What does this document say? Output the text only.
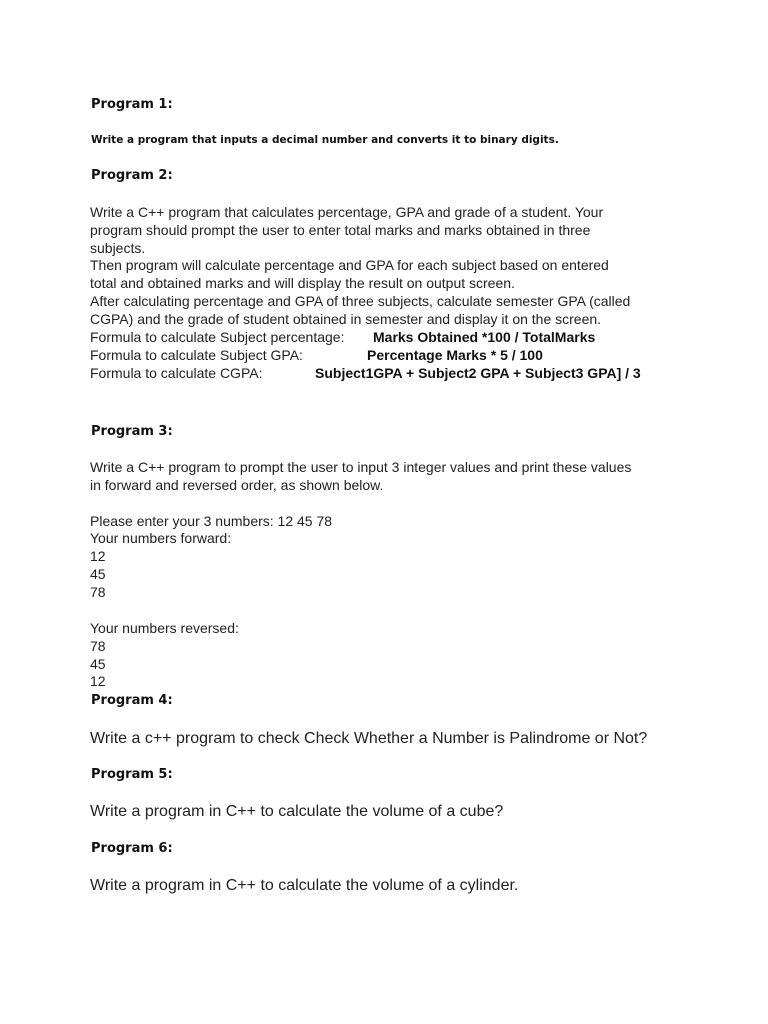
Program 1:
Write a program that inputs a decimal number and converts it to binary digits.
Program 2:
Write a C++ program that calculates percentage, GPA and grade of a student. Your
program should prompt the user to enter total marks and marks obtained in three
subjects.
Then program will calculate percentage and GPA for each subject based on entered
total and obtained marks and will display the result on output screen.
After calculating percentage and GPA of three subjects, calculate semester GPA (called
CGPA) and the grade of student obtained in semester and display it on the screen.
Formula to calculate Subject percentage: Marks Obtained *100 / TotalMarks
Formula to calculate Subject GPA:	Percentage Marks * 5 / 100
Formula to calculate CGPA:	Subject1GPA + Subject2 GPA + Subject3 GPA] / 3
Program 3:
Write a C++ program to prompt the user to input 3 integer values and print these values
in forward and reversed order, as shown below.
Please enter your 3 numbers: 12 45 78
Your numbers forward:
12
45
78
Your numbers reversed:
78
45
12
Program 4:
Write a c++ program to check Check Whether a Number is Palindrome or Not?
Program 5:
Write a program in C++ to calculate the volume of a cube?
Program 6:
Write a program in C++ to calculate the volume of a cylinder.
